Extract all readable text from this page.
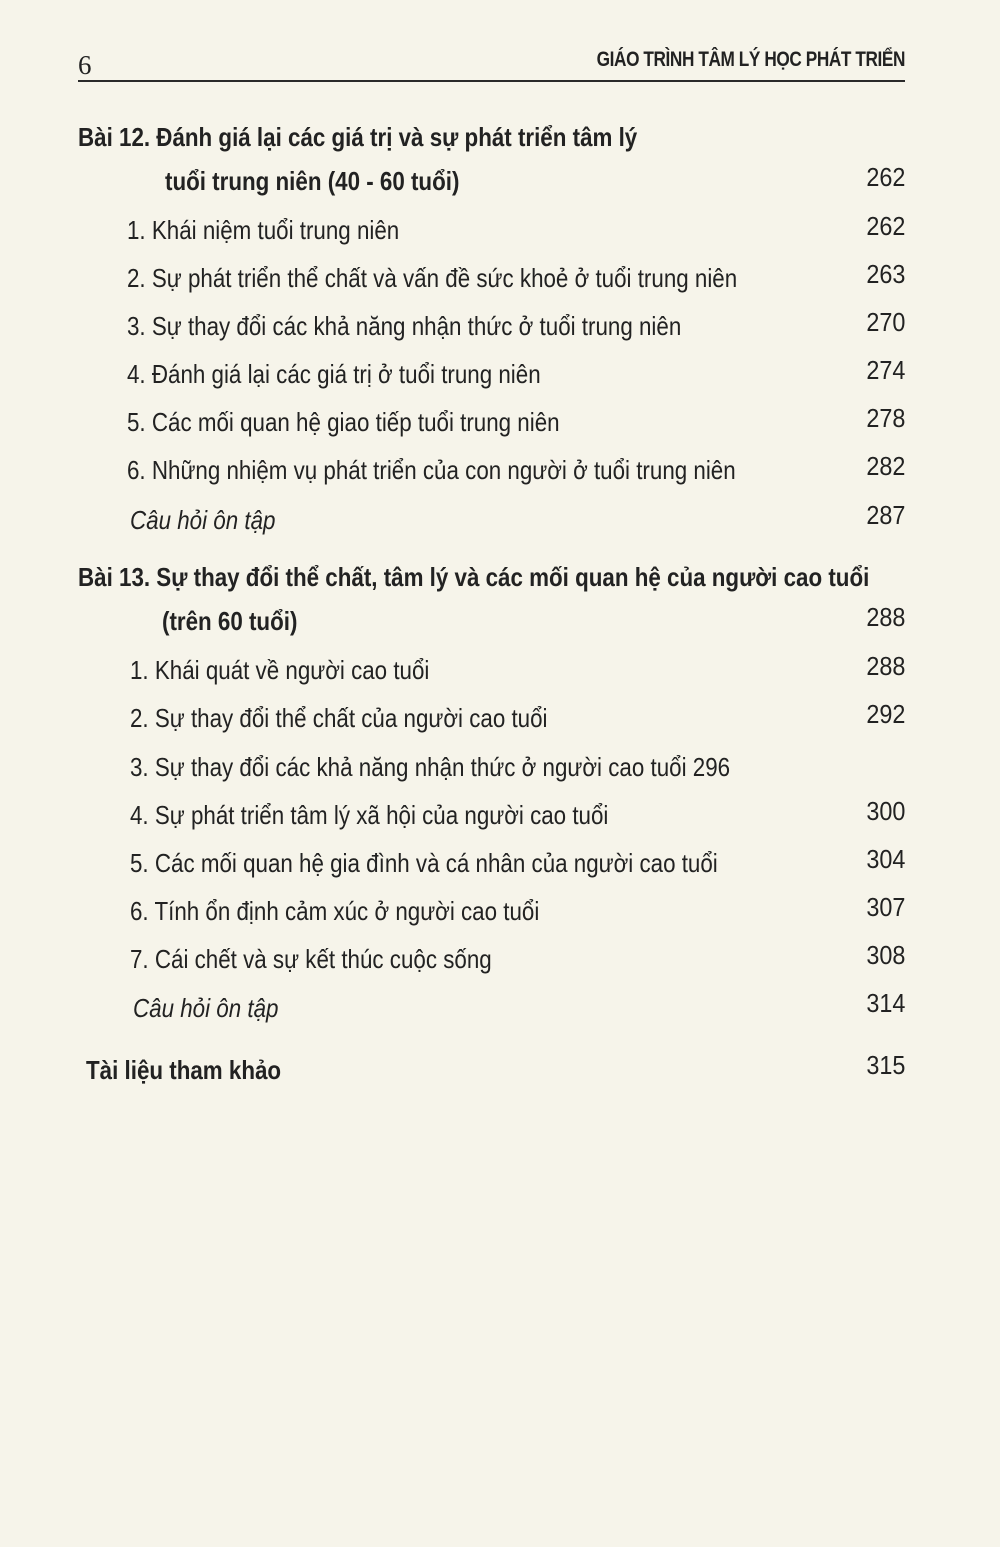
6	GIÁO TRÌNH TÂM LÝ HỌC PHÁT TRIỂN
Bài 12. Đánh giá lại các giá trị và sự phát triển tâm lý
tuổi trung niên (40 - 60 tuổi)	262
1. Khái niệm tuổi trung niên	262
2. Sự phát triển thể chất và vấn đề sức khoẻ ở tuổi trung niên	263
3. Sự thay đổi các khả năng nhận thức ở tuổi trung niên	270
4. Đánh giá lại các giá trị ở tuổi trung niên	274
5. Các mối quan hệ giao tiếp tuổi trung niên	278
6. Những nhiệm vụ phát triển của con người ở tuổi trung niên	282
Câu hỏi ôn tập	287
Bài 13. Sự thay đổi thể chất, tâm lý và các mối quan hệ của người cao tuổi
(trên 60 tuổi)	288
1. Khái quát về người cao tuổi	288
2. Sự thay đổi thể chất của người cao tuổi	292
3. Sự thay đổi các khả năng nhận thức ở người cao tuổi 296
4. Sự phát triển tâm lý xã hội của người cao tuổi	300
5. Các mối quan hệ gia đình và cá nhân của người cao tuổi	304
6. Tính ổn định cảm xúc ở người cao tuổi	307
7. Cái chết và sự kết thúc cuộc sống	308
Câu hỏi ôn tập	314
Tài liệu tham khảo	315
